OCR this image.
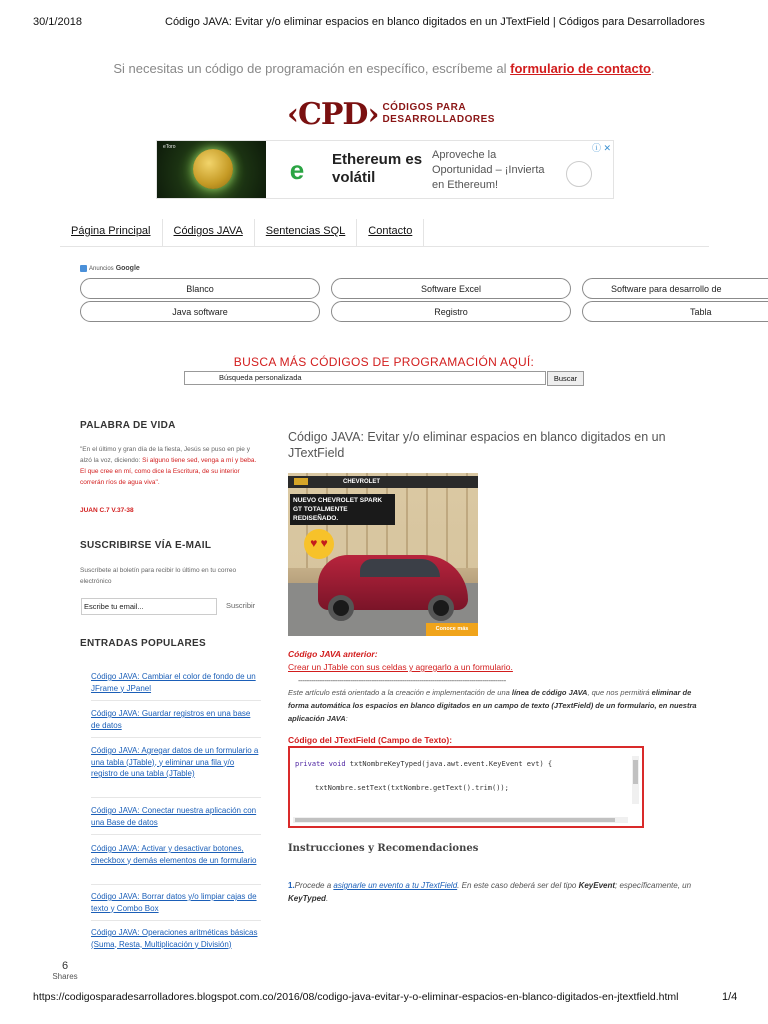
30/1/2018	Código JAVA: Evitar y/o eliminar espacios en blanco digitados en un JTextField | Códigos para Desarrolladores
Si necesitas un código de programación en específico, escríbeme al formulario de contacto.
‹CPD› CÓDIGOS PARA
DESARROLLADORES
eToro
e	Ethereum es volátil
Aproveche la Oportunidad – ¡Invierta en Ethereum!
ⓘ ✕
Página Principal	Códigos JAVA	Sentencias SQL	Contacto
Anuncios Google
Blanco	Software Excel	Software para desarrollo de
Java software	Registro	Tabla
BUSCA MÁS CÓDIGOS DE PROGRAMACIÓN AQUÍ:
Búsqueda personalizada	Buscar
PALABRA DE VIDA
"En el último y gran día de la fiesta, Jesús se puso en pie y alzó la voz, diciendo: Si alguno tiene sed, venga a mí y beba.
El que cree en mí, como dice la Escritura, de su interior correrán ríos de agua viva".
JUAN C.7 V.37-38
SUSCRIBIRSE VÍA E-MAIL
Suscríbete al boletín para recibir lo último en tu correo electrónico
Escribe tu email...	Suscribir
ENTRADAS POPULARES
Código JAVA: Cambiar el color de fondo de un JFrame y JPanel
Código JAVA: Guardar registros en una base de datos
Código JAVA: Agregar datos de un formulario a una tabla (JTable), y eliminar una fila y/o registro de una tabla (JTable)
Código JAVA: Conectar nuestra aplicación con una Base de datos
Código JAVA: Activar y desactivar botones, checkbox y demás elementos de un formulario
Código JAVA: Borrar datos y/o limpiar cajas de texto y Combo Box
Código JAVA: Operaciones aritméticas básicas (Suma, Resta, Multiplicación y División)
Código JAVA: Evitar y/o eliminar espacios en blanco digitados en un JTextField
CHEVROLET
NUEVO CHEVROLET SPARK GT TOTALMENTE REDISEÑADO.
♥ ♥
Conoce más
Código JAVA anterior:
Crear un JTable con sus celdas y agregarlo a un formulario.
------------------------------------------------------------------------------------------------
Este artículo está orientado a la creación e implementación de una línea de código JAVA, que nos permitirá eliminar de forma automática los espacios en blanco digitados en un campo de texto (JTextField) de un formulario, en nuestra aplicación JAVA:
Código del JTextField (Campo de Texto):
private void txtNombreKeyTyped(java.awt.event.KeyEvent evt) {
txtNombre.setText(txtNombre.getText().trim());
Instrucciones y Recomendaciones
1.Procede a asignarle un evento a tu JTextField. En este caso deberá ser del tipo KeyEvent; específicamente, un KeyTyped.
6
Shares
https://codigosparadesarrolladores.blogspot.com.co/2016/08/codigo-java-evitar-y-o-eliminar-espacios-en-blanco-digitados-en-jtextfield.html	1/4
